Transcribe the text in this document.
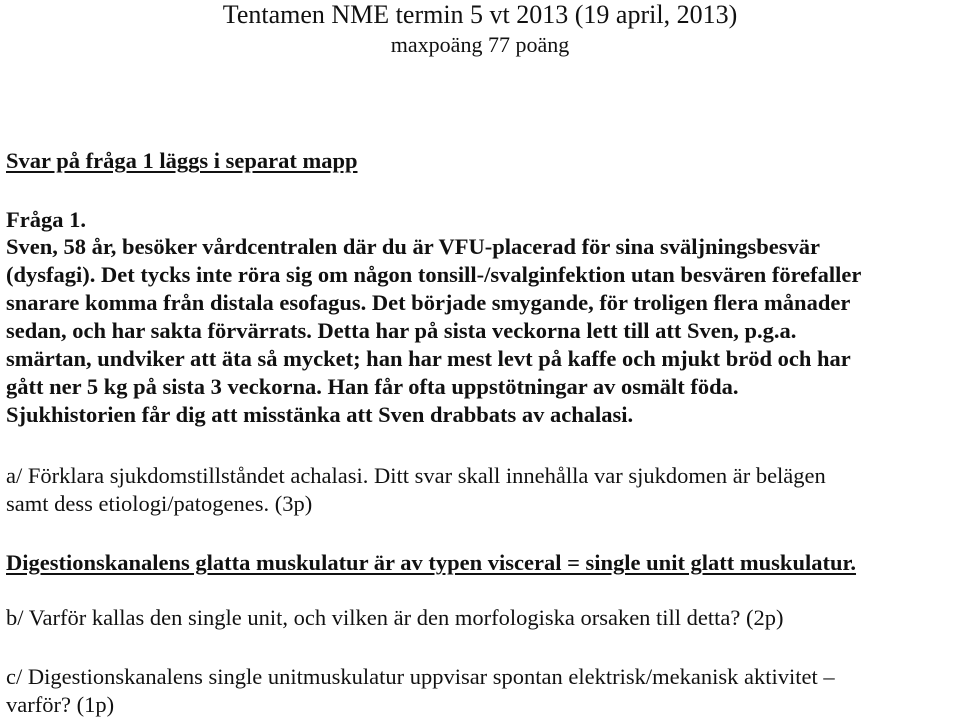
Tentamen NME termin 5 vt 2013 (19 april, 2013)
maxpoäng 77 poäng
Svar på fråga 1 läggs i separat mapp
Fråga 1.
Sven, 58 år, besöker vårdcentralen där du är VFU-placerad för sina sväljningsbesvär
(dysfagi). Det tycks inte röra sig om någon tonsill-/svalginfektion utan besvären förefaller
snarare komma från distala esofagus. Det började smygande, för troligen flera månader
sedan, och har sakta förvärrats. Detta har på sista veckorna lett till att Sven, p.g.a.
smärtan, undviker att äta så mycket; han har mest levt på kaffe och mjukt bröd och har
gått ner 5 kg på sista 3 veckorna. Han får ofta uppstötningar av osmält föda.
Sjukhistorien får dig att misstänka att Sven drabbats av achalasi.
a/ Förklara sjukdomstillståndet achalasi. Ditt svar skall innehålla var sjukdomen är belägen
samt dess etiologi/patogenes. (3p)
Digestionskanalens glatta muskulatur är av typen visceral = single unit glatt muskulatur.
b/ Varför kallas den single unit, och vilken är den morfologiska orsaken till detta? (2p)
c/ Digestionskanalens single unitmuskulatur uppvisar spontan elektrisk/mekanisk aktivitet –
varför? (1p)
